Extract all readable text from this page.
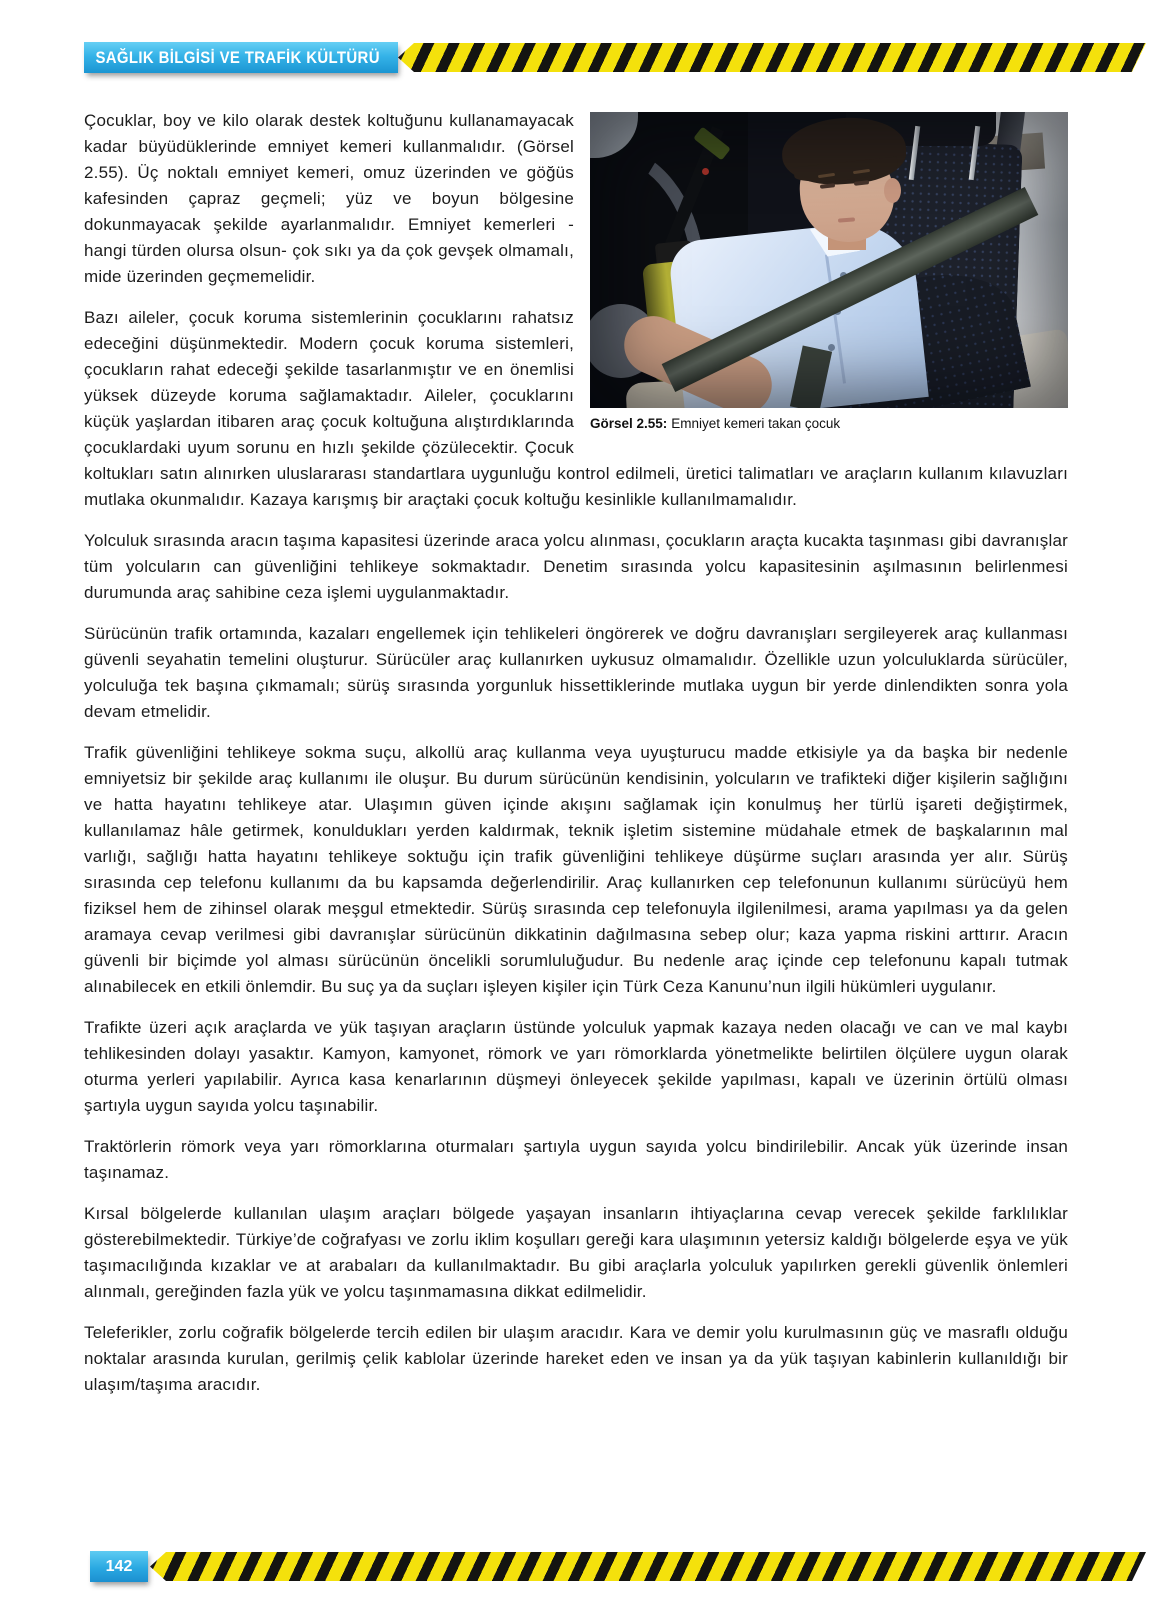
SAĞLIK BİLGİSİ VE TRAFİK KÜLTÜRÜ
Görsel 2.55: Emniyet kemeri takan çocuk

Çocuklar, boy ve kilo olarak destek koltuğunu kullanamayacak kadar büyüdüklerinde emniyet kemeri kullanmalıdır. (Görsel 2.55). Üç noktalı emniyet kemeri, omuz üzerinden ve göğüs kafesinden çapraz geçmeli; yüz ve boyun bölgesine dokunmayacak şekilde ayarlanmalıdır. Emniyet kemerleri -hangi türden olursa olsun- çok sıkı ya da çok gevşek olmamalı, mide üzerinden geçmemelidir.

Bazı aileler, çocuk koruma sistemlerinin çocuklarını rahatsız edeceğini düşünmektedir. Modern çocuk koruma sistemleri, çocukların rahat edeceği şekilde tasarlanmıştır ve en önemlisi yüksek düzeyde koruma sağlamaktadır. Aileler, çocuklarını küçük yaşlardan itibaren araç çocuk koltuğuna alıştırdıklarında çocuklardaki uyum sorunu en hızlı şekilde çözülecektir. Çocuk koltukları satın alınırken uluslararası standartlara uygunluğu kontrol edilmeli, üretici talimatları ve araçların kullanım kılavuzları mutlaka okunmalıdır. Kazaya karışmış bir araçtaki çocuk koltuğu kesinlikle kullanılmamalıdır.

Yolculuk sırasında aracın taşıma kapasitesi üzerinde araca yolcu alınması, çocukların araçta kucakta taşınması gibi davranışlar tüm yolcuların can güvenliğini tehlikeye sokmaktadır. Denetim sırasında yolcu kapasitesinin aşılmasının belirlenmesi durumunda araç sahibine ceza işlemi uygulanmaktadır.

Sürücünün trafik ortamında, kazaları engellemek için tehlikeleri öngörerek ve doğru davranışları sergileyerek araç kullanması güvenli seyahatin temelini oluşturur. Sürücüler araç kullanırken uykusuz olmamalıdır. Özellikle uzun yolculuklarda sürücüler, yolculuğa tek başına çıkmamalı; sürüş sırasında yorgunluk hissettiklerinde mutlaka uygun bir yerde dinlendikten sonra yola devam etmelidir.

Trafik güvenliğini tehlikeye sokma suçu, alkollü araç kullanma veya uyuşturucu madde etkisiyle ya da başka bir nedenle emniyetsiz bir şekilde araç kullanımı ile oluşur. Bu durum sürücünün kendisinin, yolcuların ve trafikteki diğer kişilerin sağlığını ve hatta hayatını tehlikeye atar. Ulaşımın güven içinde akışını sağlamak için konulmuş her türlü işareti değiştirmek, kullanılamaz hâle getirmek, konuldukları yerden kaldırmak, teknik işletim sistemine müdahale etmek de başkalarının mal varlığı, sağlığı hatta hayatını tehlikeye soktuğu için trafik güvenliğini tehlikeye düşürme suçları arasında yer alır. Sürüş sırasında cep telefonu kullanımı da bu kapsamda değerlendirilir. Araç kullanırken cep telefonunun kullanımı sürücüyü hem fiziksel hem de zihinsel olarak meşgul etmektedir. Sürüş sırasında cep telefonuyla ilgilenilmesi, arama yapılması ya da gelen aramaya cevap verilmesi gibi davranışlar sürücünün dikkatinin dağılmasına sebep olur; kaza yapma riskini arttırır. Aracın güvenli bir biçimde yol alması sürücünün öncelikli sorumluluğudur. Bu nedenle araç içinde cep telefonunu kapalı tutmak alınabilecek en etkili önlemdir. Bu suç ya da suçları işleyen kişiler için Türk Ceza Kanunu’nun ilgili hükümleri uygulanır.

Trafikte üzeri açık araçlarda ve yük taşıyan araçların üstünde yolculuk yapmak kazaya neden olacağı ve can ve mal kaybı tehlikesinden dolayı yasaktır. Kamyon, kamyonet, römork ve yarı römorklarda yönetmelikte belirtilen ölçülere uygun olarak oturma yerleri yapılabilir. Ayrıca kasa kenarlarının düşmeyi önleyecek şekilde yapılması, kapalı ve üzerinin örtülü olması şartıyla uygun sayıda yolcu taşınabilir.

Traktörlerin römork veya yarı römorklarına oturmaları şartıyla uygun sayıda yolcu bindirilebilir. Ancak yük üzerinde insan taşınamaz.

Kırsal bölgelerde kullanılan ulaşım araçları bölgede yaşayan insanların ihtiyaçlarına cevap verecek şekilde farklılıklar gösterebilmektedir. Türkiye’de coğrafyası ve zorlu iklim koşulları gereği kara ulaşımının yetersiz kaldığı bölgelerde eşya ve yük taşımacılığında kızaklar ve at arabaları da kullanılmaktadır. Bu gibi araçlarla yolculuk yapılırken gerekli güvenlik önlemleri alınmalı, gereğinden fazla yük ve yolcu taşınmamasına dikkat edilmelidir.

Teleferikler, zorlu coğrafik bölgelerde tercih edilen bir ulaşım aracıdır. Kara ve demir yolu kurulmasının güç ve masraflı olduğu noktalar arasında kurulan, gerilmiş çelik kablolar üzerinde hareket eden ve insan ya da yük taşıyan kabinlerin kullanıldığı bir ulaşım/taşıma aracıdır.

142
